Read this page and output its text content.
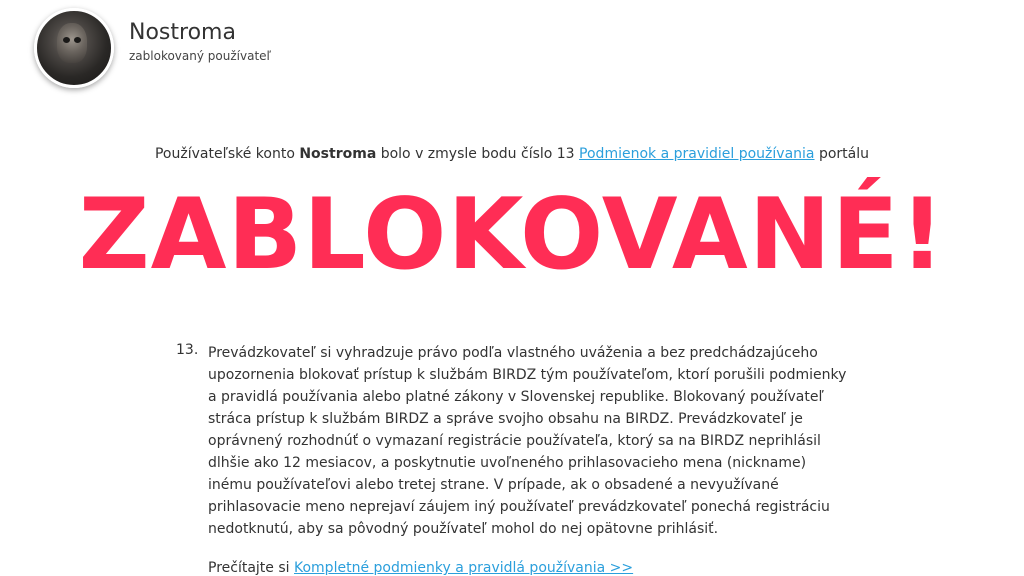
Nostroma
zablokovaný používateľ
Používateľské konto Nostroma bolo v zmysle bodu číslo 13 Podmienok a pravidiel používania portálu
ZABLOKOVANÉ!
13. Prevádzkovateľ si vyhradzuje právo podľa vlastného uváženia a bez predchádzajúceho upozornenia blokovať prístup k službám BIRDZ tým používateľom, ktorí porušili podmienky a pravidlá používania alebo platné zákony v Slovenskej republike. Blokovaný používateľ stráca prístup k službám BIRDZ a správe svojho obsahu na BIRDZ. Prevádzkovateľ je oprávnený rozhodnúť o vymazaní registrácie používateľa, ktorý sa na BIRDZ neprihlásil dlhšie ako 12 mesiacov, a poskytnutie uvoľneného prihlasovacieho mena (nickname) inému používateľovi alebo tretej strane. V prípade, ak o obsadené a nevyužívané prihlasovacie meno neprejaví záujem iný používateľ prevádzkovateľ ponechá registráciu nedotknutú, aby sa pôvodný používateľ mohol do nej opätovne prihlásiť.
Prečítajte si Kompletné podmienky a pravidlá používania >>
